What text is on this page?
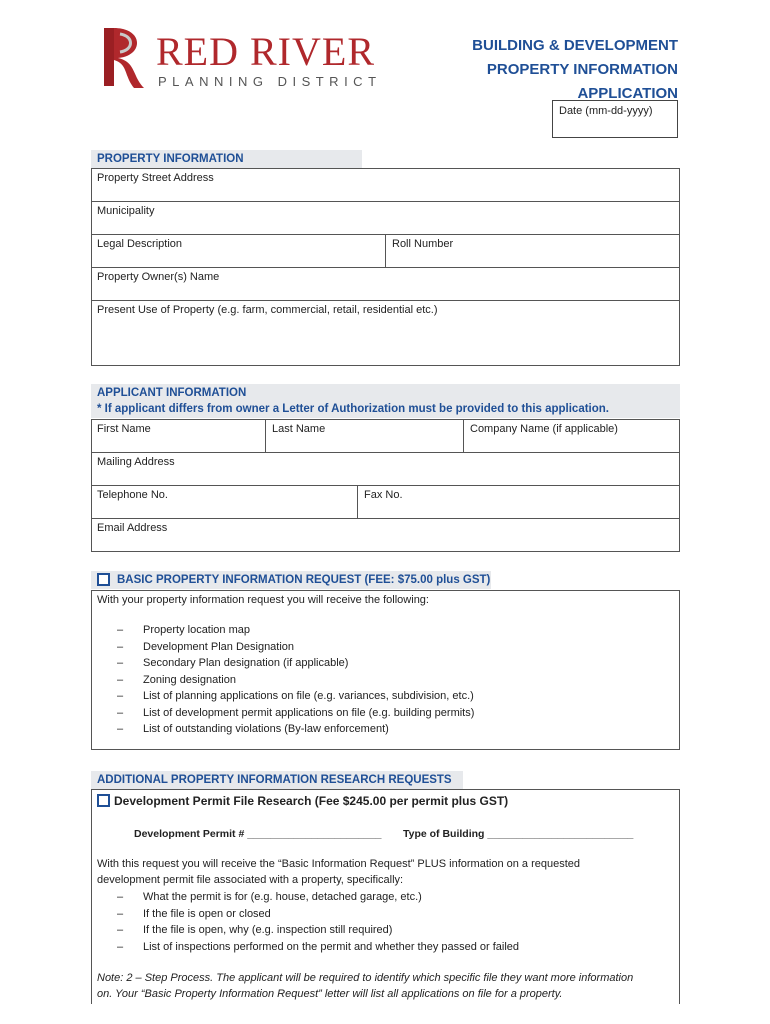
RED RIVER
PLANNING DISTRICT
BUILDING & DEVELOPMENT
PROPERTY INFORMATION
APPLICATION
Date (mm-dd-yyyy)
PROPERTY INFORMATION
Property Street Address
Municipality
Legal Description	Roll Number
Property Owner(s) Name
Present Use of Property (e.g. farm, commercial, retail, residential etc.)
APPLICANT INFORMATION
* If applicant differs from owner a Letter of Authorization must be provided to this application.
First Name	Last Name	Company Name (if applicable)
Mailing Address
Telephone No.	Fax No.
Email Address
BASIC PROPERTY INFORMATION REQUEST (FEE: $75.00 plus GST)
With your property information request you will receive the following:
–	Property location map
–	Development Plan Designation
–	Secondary Plan designation (if applicable)
–	Zoning designation
–	List of planning applications on file (e.g. variances, subdivision, etc.)
–	List of development permit applications on file (e.g. building permits)
–	List of outstanding violations (By-law enforcement)
ADDITIONAL PROPERTY INFORMATION RESEARCH REQUESTS
Development Permit File Research (Fee $245.00 per permit plus GST)
Development Permit # _______________________ Type of Building _________________________
With this request you will receive the “Basic Information Request” PLUS information on a requested
development permit file associated with a property, specifically:
–	What the permit is for (e.g. house, detached garage, etc.)
–	If the file is open or closed
–	If the file is open, why (e.g. inspection still required)
–	List of inspections performed on the permit and whether they passed or failed
Note: 2 – Step Process. The applicant will be required to identify which specific file they want more information
on. Your “Basic Property Information Request” letter will list all applications on file for a property.
